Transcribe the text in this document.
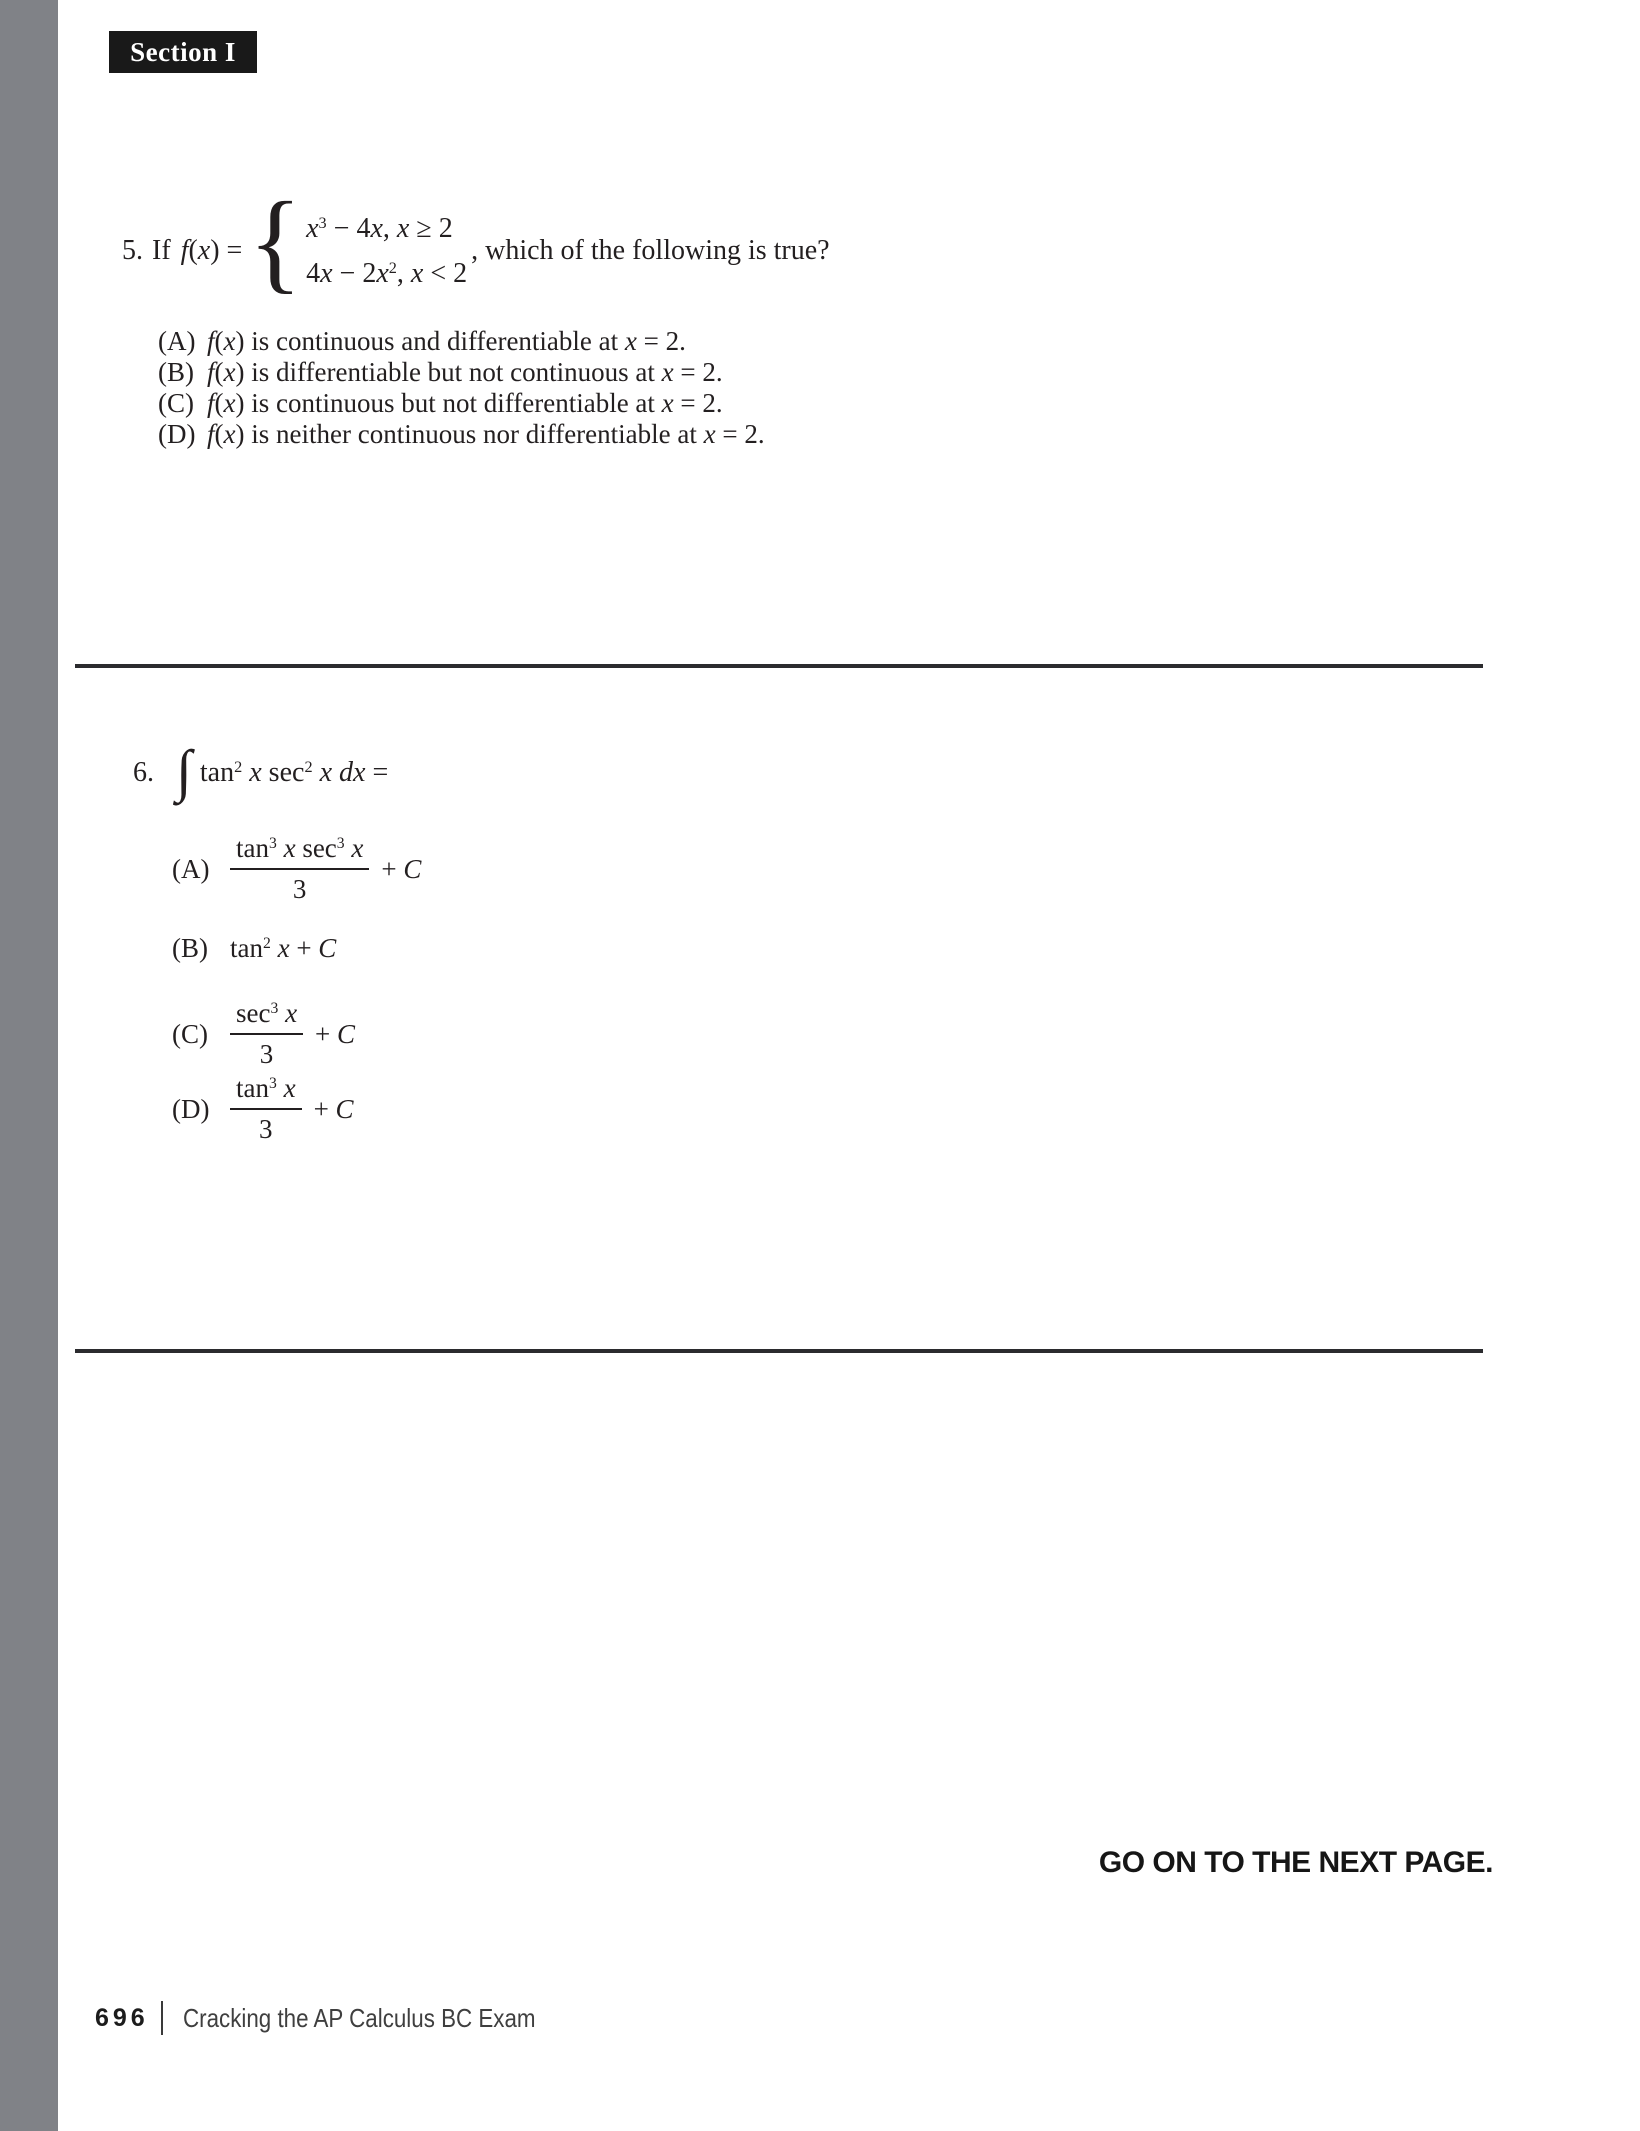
Section I
5. If f(x) = { $x^3 - 4x$, x ≥ 2
$4x - 2x^2$, x < 2
, which of the following is true?
(A) f(x) is continuous and differentiable at x = 2.
(B) f(x) is differentiable but not continuous at x = 2.
(C) f(x) is continuous but not differentiable at x = 2.
(D) f(x) is neither continuous nor differentiable at x = 2.
6. ∫ $\tan^2 x$ $\sec^2 x$ dx =
$(A) \frac{\tan^3 x \sec^3 x}{3} + C$
(B) $\tan^2 x + C$
$(C) \frac{\sec^3 x}{3} + C$
$(D) \frac{\tan^3 x}{3} + C$
GO ON TO THE NEXT PAGE.
696 Cracking the AP Calculus BC Exam
